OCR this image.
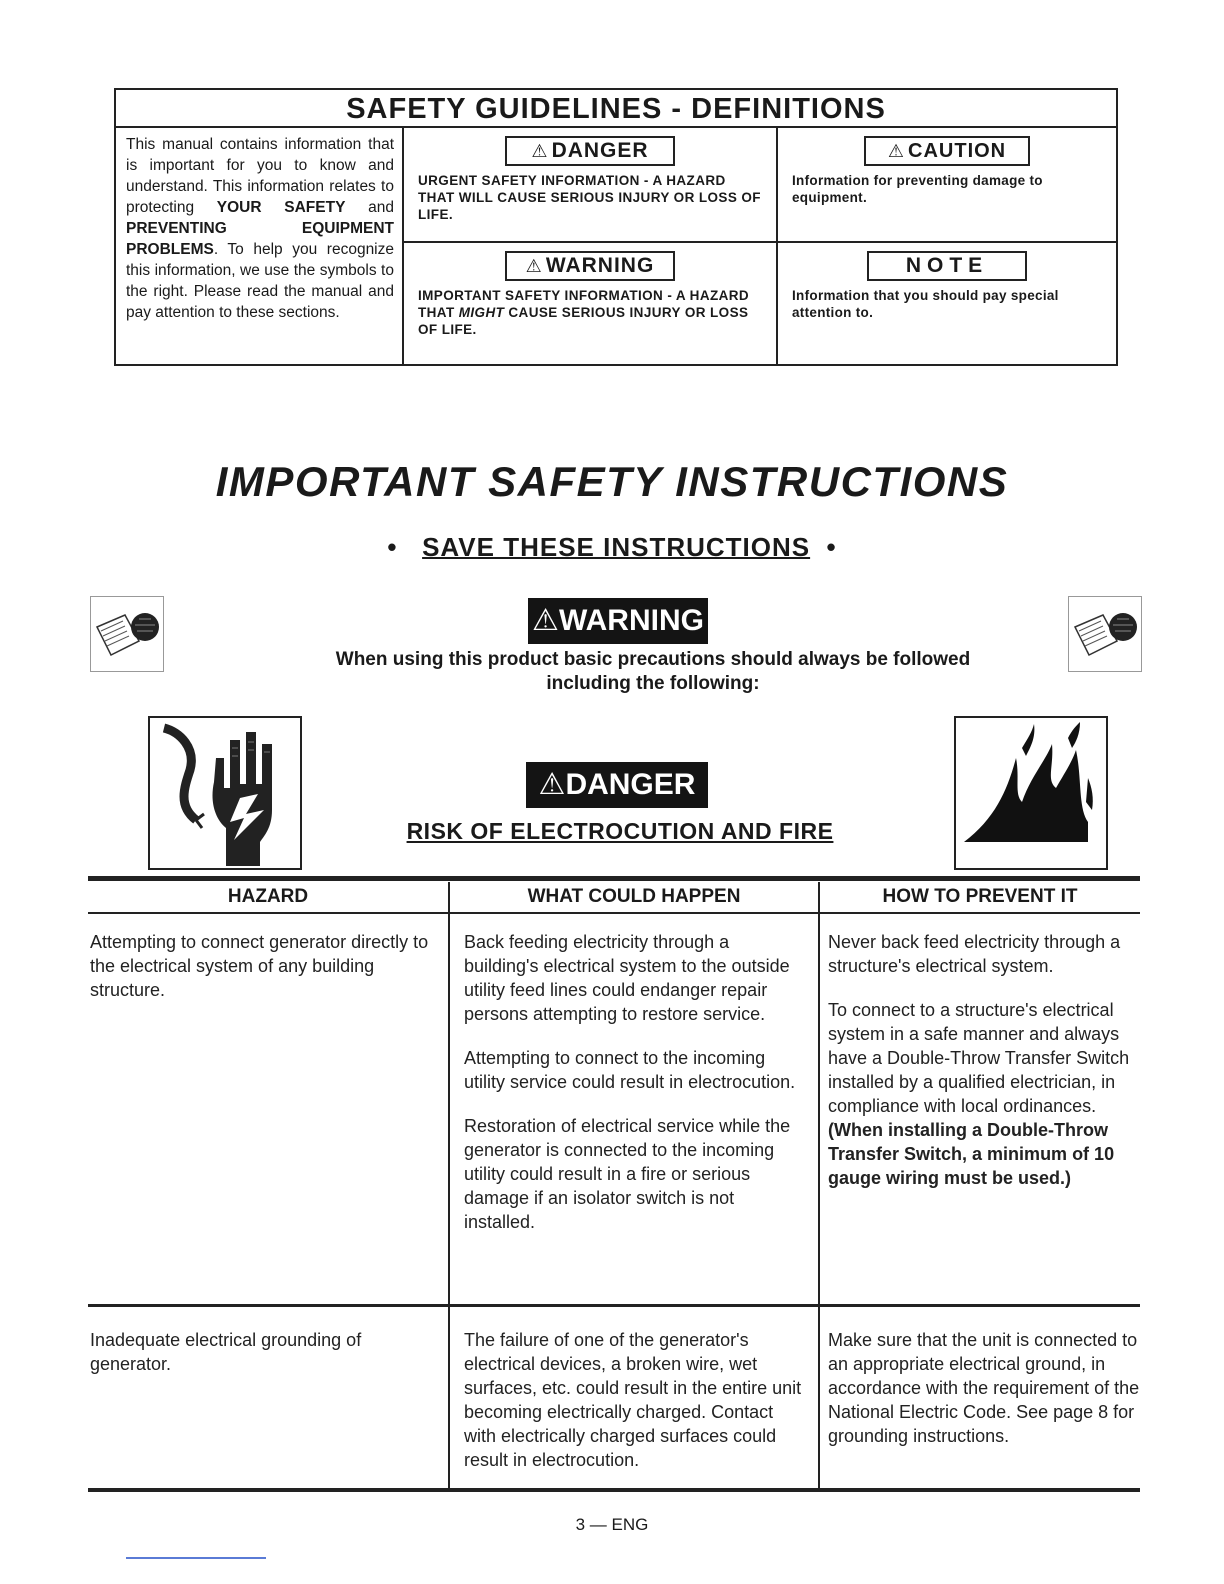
SAFETY GUIDELINES - DEFINITIONS
This manual contains information that is important for you to know and understand. This information relates to protecting YOUR SAFETY and PREVENTING EQUIPMENT PROBLEMS. To help you recognize this information, we use the symbols to the right. Please read the manual and pay attention to these sections.
⚠ DANGER
URGENT SAFETY INFORMATION - A HAZARD THAT WILL CAUSE SERIOUS INJURY OR LOSS OF LIFE.
⚠ CAUTION
Information for preventing damage to equipment.
⚠ WARNING
IMPORTANT SAFETY INFORMATION - A HAZARD THAT MIGHT CAUSE SERIOUS INJURY OR LOSS OF LIFE.
NOTE
Information that you should pay special attention to.
IMPORTANT SAFETY INSTRUCTIONS
•   SAVE THESE INSTRUCTIONS  •
⚠WARNING
When using this product basic precautions should always be followed
including the following:
⚠DANGER
RISK OF ELECTROCUTION AND FIRE
HAZARD	WHAT COULD HAPPEN	HOW TO PREVENT IT
Attempting to connect generator directly to the electrical system of any building structure.

Back feeding electricity through a building's electrical system to the outside utility feed lines could endanger repair persons attempting to restore service.

Attempting to connect to the incoming utility service could result in electrocution.

Restoration of electrical service while the generator is connected to the incoming utility could result in a fire or serious damage if an isolator switch is not installed.

Never back feed electricity through a structure's electrical system.

To connect to a structure's electrical system in a safe manner and always have a Double-Throw Transfer Switch installed by a qualified electrician, in compliance with local ordinances. (When installing a Double-Throw Transfer Switch, a minimum of 10 gauge wiring must be used.)
Inadequate electrical grounding of generator.
The failure of one of the generator's electrical devices, a broken wire, wet surfaces, etc. could result in the entire unit becoming electrically charged. Contact with electrically charged surfaces could result in electrocution.
Make sure that the unit is connected to an appropriate electrical ground, in accordance with the requirement of the National Electric Code. See page 8 for grounding instructions.
3 — ENG
